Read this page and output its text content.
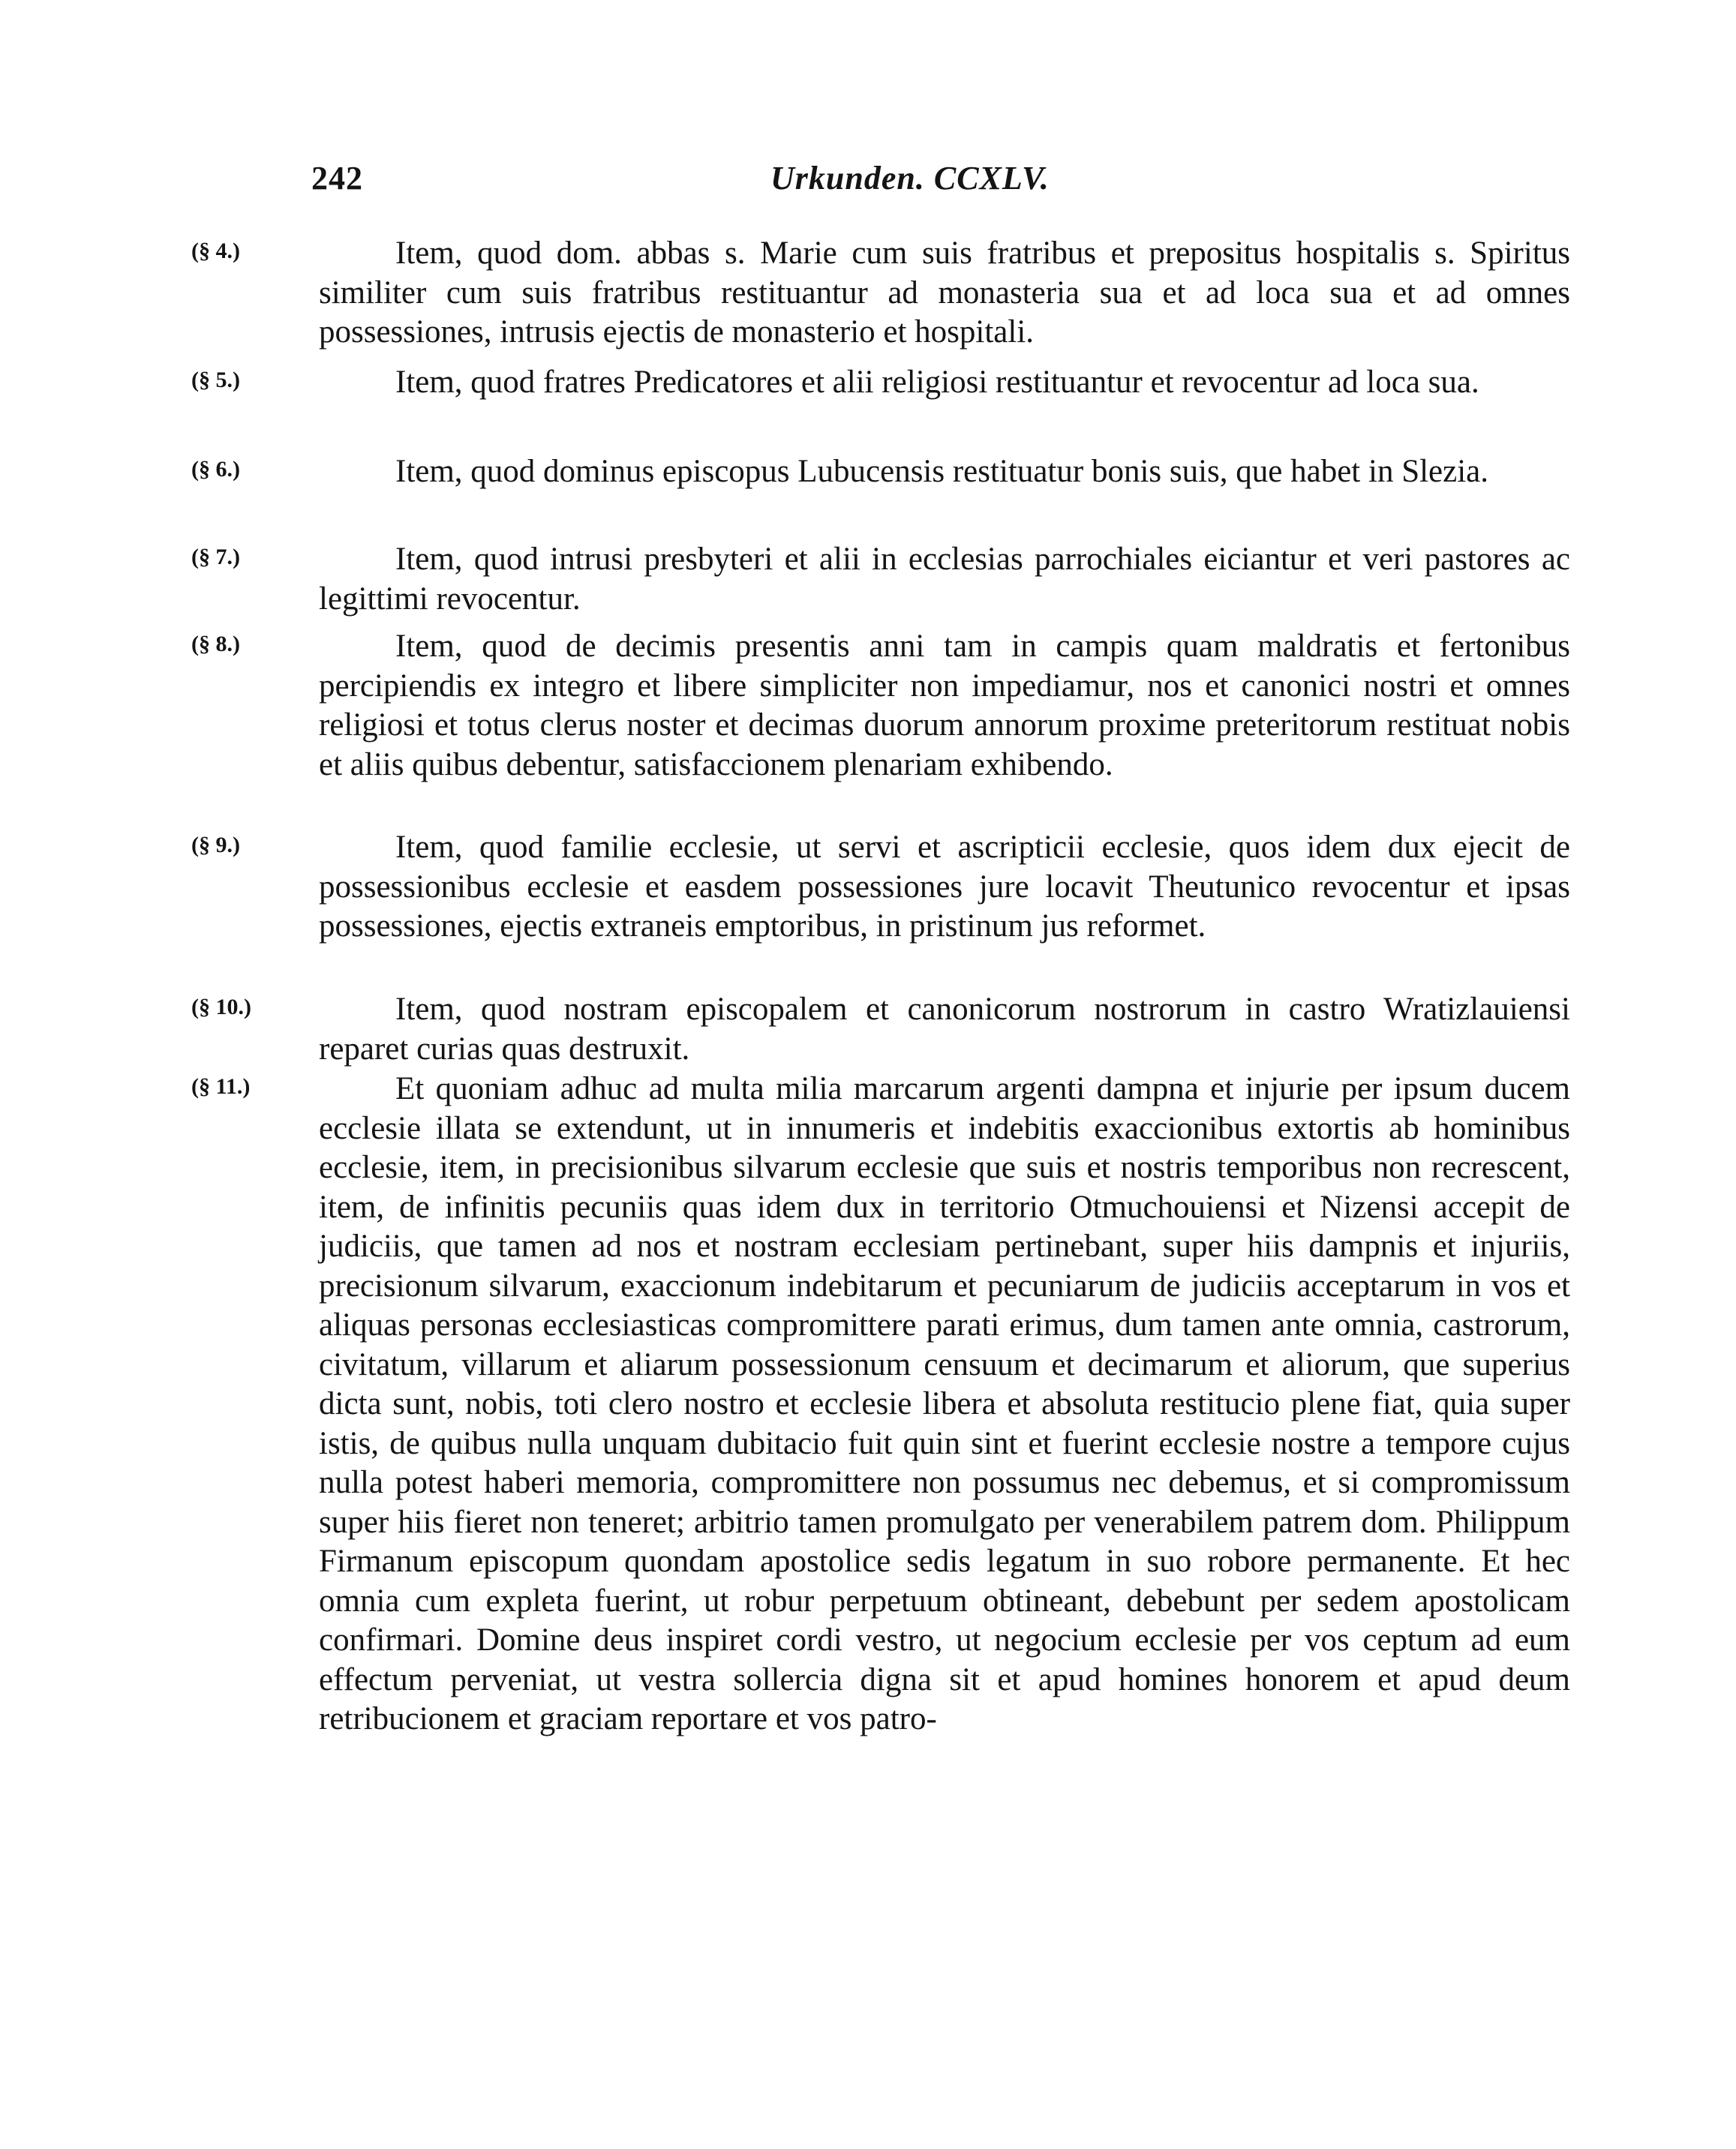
242	Urkunden. CCXLV.
(§ 4.)	Item, quod dom. abbas s. Marie cum suis fratribus et prepositus hospitalis s. Spiritus similiter cum suis fratribus restituantur ad monasteria sua et ad loca sua et ad omnes possessiones, intrusis ejectis de monasterio et hospitali.

(§ 5.)	Item, quod fratres Predicatores et alii religiosi restituantur et revocentur ad loca sua.

(§ 6.)	Item, quod dominus episcopus Lubucensis restituatur bonis suis, que habet in Slezia.

(§ 7.)	Item, quod intrusi presbyteri et alii in ecclesias parrochiales eiciantur et veri pastores ac legittimi revocentur.

(§ 8.)	Item, quod de decimis presentis anni tam in campis quam maldratis et fertonibus percipiendis ex integro et libere simpliciter non impediamur, nos et canonici nostri et omnes religiosi et totus clerus noster et decimas duorum annorum proxime preteritorum restituat nobis et aliis quibus debentur, satisfaccionem plenariam exhibendo.

(§ 9.)	Item, quod familie ecclesie, ut servi et ascripticii ecclesie, quos idem dux ejecit de possessionibus ecclesie et easdem possessiones jure locavit Theutunico revocentur et ipsas possessiones, ejectis extraneis emptoribus, in pristinum jus reformet.

(§ 10.)	Item, quod nostram episcopalem et canonicorum nostrorum in castro Wratizlauiensi reparet curias quas destruxit.

(§ 11.)	Et quoniam adhuc ad multa milia marcarum argenti dampna et injurie per ipsum ducem ecclesie illata se extendunt, ut in innumeris et indebitis exaccionibus extortis ab hominibus ecclesie, item, in precisionibus silvarum ecclesie que suis et nostris temporibus non recrescent, item, de infinitis pecuniis quas idem dux in territorio Otmuchouiensi et Nizensi accepit de judiciis, que tamen ad nos et nostram ecclesiam pertinebant, super hiis dampnis et injuriis, precisionum silvarum, exaccionum indebitarum et pecuniarum de judiciis acceptarum in vos et aliquas personas ecclesiasticas compromittere parati erimus, dum tamen ante omnia, castrorum, civitatum, villarum et aliarum possessionum censuum et decimarum et aliorum, que superius dicta sunt, nobis, toti clero nostro et ecclesie libera et absoluta restitucio plene fiat, quia super istis, de quibus nulla unquam dubitacio fuit quin sint et fuerint ecclesie nostre a tempore cujus nulla potest haberi memoria, compromittere non possumus nec debemus, et si compromissum super hiis fieret non teneret; arbitrio tamen promulgato per venerabilem patrem dom. Philippum Firmanum episcopum quondam apostolice sedis legatum in suo robore permanente. Et hec omnia cum expleta fuerint, ut robur perpetuum obtineant, debebunt per sedem apostolicam confirmari. Domine deus inspiret cordi vestro, ut negocium ecclesie per vos ceptum ad eum effectum perveniat, ut vestra sollercia digna sit et apud homines honorem et apud deum retribucionem et graciam reportare et vos patro-
